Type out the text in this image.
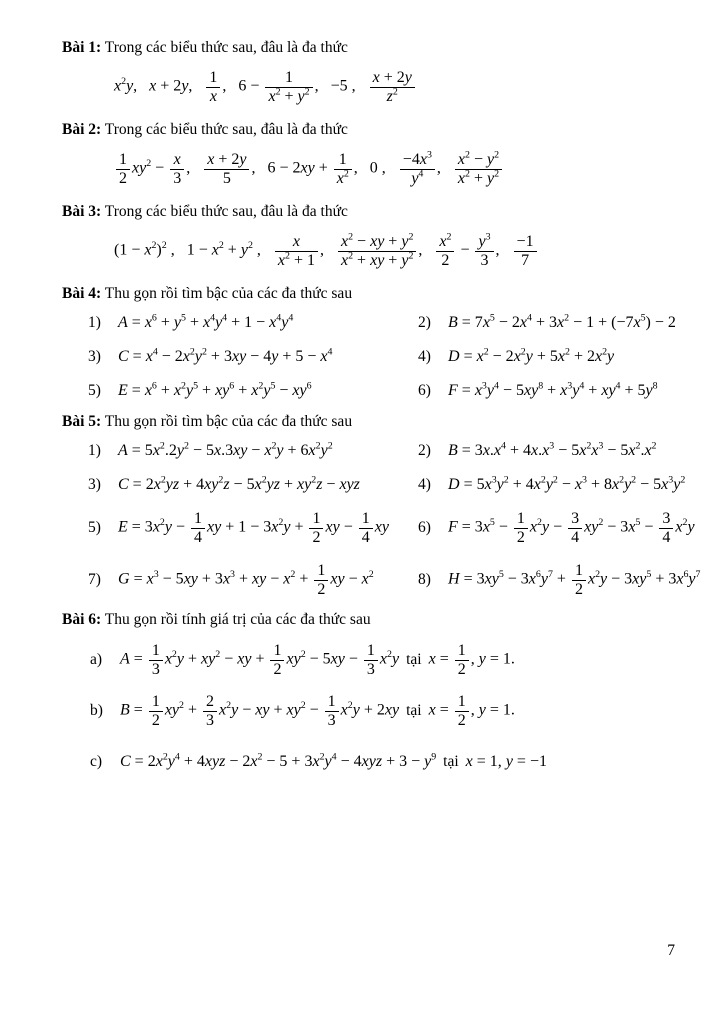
Bài 1: Trong các biểu thức sau, đâu là đa thức
$x^2y$,  x + 2y,   $\frac{1}{x}$ ,  $6 - \frac{1}{x^2 + y^2}$ ,  −5 ,   $\frac{x + 2y}{z^2}$
Bài 2: Trong các biểu thức sau, đâu là đa thức
$\frac{1}{2} xy^2 - \frac{x}{3}$ ,   $\frac{x + 2y}{5}$ ,  $6 - 2xy + \frac{1}{x^2}$ ,  0 ,   $\frac{-4x^3}{y^4}$ ,   $\frac{x^2 - y^2}{x^2 + y^2}$
Bài 3: Trong các biểu thức sau, đâu là đa thức
$(1 - x^2)^2$ ,  $1 - x^2 + y^2$ ,   $\frac{x}{x^2 + 1}$ ,   $\frac{x^2 - xy + y^2}{x^2 + xy + y^2}$ ,   $\frac{x^2}{2} - \frac{y^3}{3}$ ,   $\frac{-1}{7}$
Bài 4: Thu gọn rồi tìm bậc của các đa thức sau
1)	$A = x^6 + y^5 + x^4y^4 + 1 - x^4y^4$	2)	$B = 7x^5 - 2x^4 + 3x^2 - 1 + (-7x^5) - 2$
3)	$C = x^4 - 2x^2y^2 + 3xy - 4y + 5 - x^4$	4)	$D = x^2 - 2x^2y + 5x^2 + 2x^2y$
5)	$E = x^6 + x^2y^5 + xy^6 + x^2y^5 - xy^6$	6)	$F = x^3y^4 - 5xy^8 + x^3y^4 + xy^4 + 5y^8$
Bài 5: Thu gọn rồi tìm bậc của các đa thức sau
1)	$A = 5x^2.2y^2 - 5x.3xy - x^2y + 6x^2y^2$	2)	$B = 3x.x^4 + 4x.x^3 - 5x^2x^3 - 5x^2.x^2$
3)	$C = 2x^2yz + 4xy^2z - 5x^2yz + xy^2z$ − xyz	4)	$D = 5x^3y^2 + 4x^2y^2 - x^3 + 8x^2y^2 - 5x^3y^2$
5)	$E = 3x^2y - \frac{1}{4}$ xy + $1 - 3x^2y + \frac{1}{2}$ xy − $\frac{1}{4}$ xy 6)	$F = 3x^5 - \frac{1}{2} x^2y - \frac{3}{4} xy^2 - 3x^5 - \frac{3}{4} x^2y$
7)	$G = x^3 - 5xy + 3x^3$ + xy − $x^2 + \frac{1}{2}$ xy − $x^2$	8)	$H = 3xy^5 - 3x^6y^7 + \frac{1}{2} x^2y - 3xy^5 + 3x^6y^7$
Bài 6: Thu gọn rồi tính giá trị của các đa thức sau
a)	$A = \frac{1}{3} x^2y + xy^2$ − xy + $\frac{1}{2} xy^2 - 5xy - \frac{1}{3} x^2y$ tại $x = \frac{1}{2}$ , y = 1.
b)	$B = \frac{1}{2} xy^2 + \frac{2}{3} x^2y$ − xy + $xy^2 - \frac{1}{3} x^2y + 2xy$ tại $x = \frac{1}{2}$ , y = 1.
c)	$C = 2x^2y^4 + 4xyz - 2x^2 - 5 + 3x^2y^4 - 4xyz + 3 - y^9$ tại x = 1, y = −1
7
